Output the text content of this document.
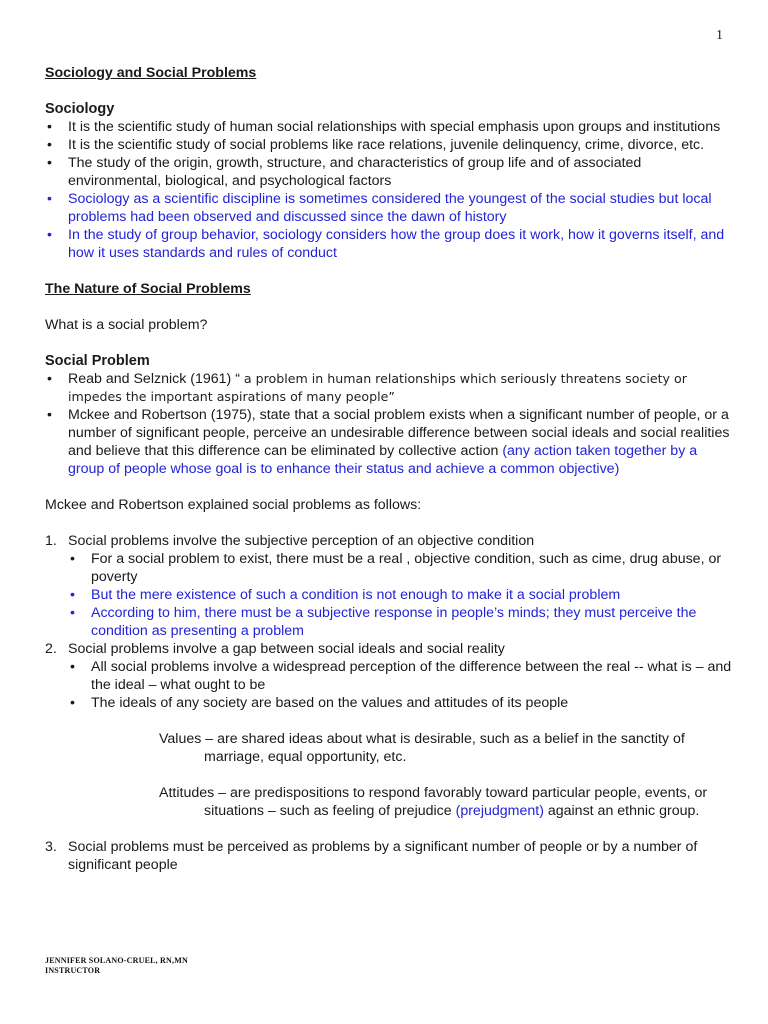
1
Sociology and Social Problems
Sociology
• It is the scientific study of human social relationships with special emphasis upon groups and institutions
• It is the scientific study of social problems like race relations, juvenile delinquency, crime, divorce, etc.
• The study of the origin, growth, structure, and characteristics of group life and of associated environmental, biological, and psychological factors
• Sociology as a scientific discipline is sometimes considered the youngest of the social studies but local problems had been observed and discussed since the dawn of history
• In the study of group behavior, sociology considers how the group does it work, how it governs itself, and how it uses standards and rules of conduct
The Nature of Social Problems
What is a social problem?
Social Problem
• Reab and Selznick (1961) “ a problem in human relationships which seriously threatens society or impedes the important aspirations of many people”
• Mckee and Robertson (1975), state that a social problem exists when a significant number of people, or a number of significant people, perceive an undesirable difference between social ideals and social realities and believe that this difference can be eliminated by collective action (any action taken together by a group of people whose goal is to enhance their status and achieve a common objective)
Mckee and Robertson explained social problems as follows:
1. Social problems involve the subjective perception of an objective condition
• For a social problem to exist, there must be a real , objective condition, such as cime, drug abuse, or poverty
• But the mere existence of such a condition is not enough to make it a social problem
• According to him, there must be a subjective response in people’s minds; they must perceive the condition as presenting a problem
2. Social problems involve a gap between social ideals and social reality
• All social problems involve a widespread perception of the difference between the real -- what is – and the ideal – what ought to be
• The ideals of any society are based on the values and attitudes of its people
Values – are shared ideas about what is desirable, such as a belief in the sanctity of marriage, equal opportunity, etc.
Attitudes – are predispositions to respond favorably toward particular people, events, or situations – such as feeling of prejudice (prejudgment) against an ethnic group.
3. Social problems must be perceived as problems by a significant number of people or by a number of significant people
JENNIFER SOLANO-CRUEL, RN,MN
INSTRUCTOR
